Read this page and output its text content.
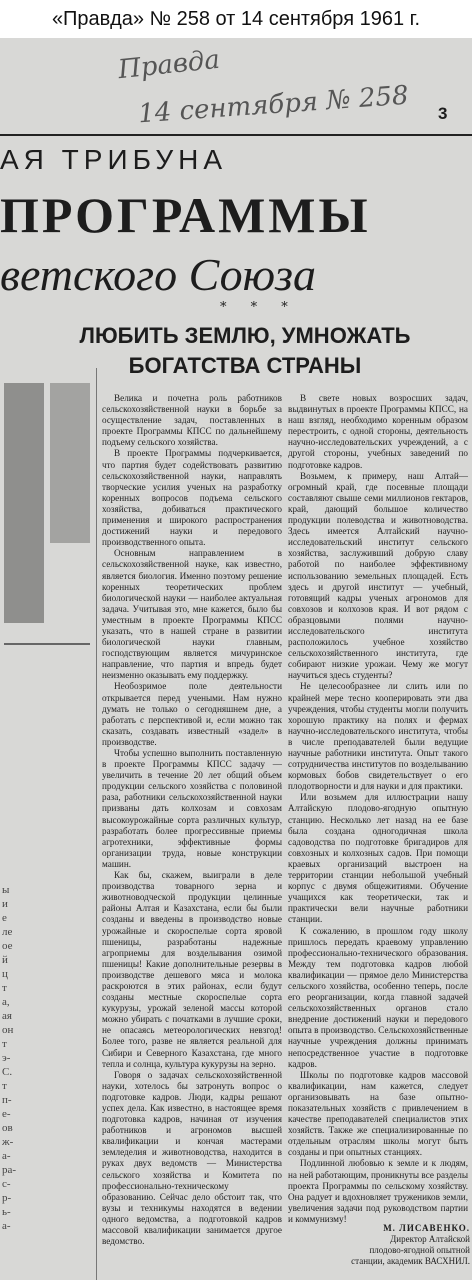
«Правда» № 258 от 14 сентября 1961 г.
Правда
14 сентября № 258 3
АЯ ТРИБУНА
ПРОГРАММЫ
ветского Союза
* * *
ЛЮБИТЬ ЗЕМЛЮ, УМНОЖАТЬ
БОГАТСТВА СТРАНЫ
ы
и
е
ле
ое
й
ц
т
а,
ая
он
т
э-
С.
т
п-
е-
ов
ж-
а-
ра-
с-
р-
ь-
а-

Велика и почетна роль работников сельскохозяйственной науки в борьбе за осуществление задач, поставленных в проекте Программы КПСС по дальнейшему подъему сельского хозяйства.

В проекте Программы подчеркивается, что партия будет содействовать развитию сельскохозяйственной науки, направлять творческие усилия ученых на разработку коренных вопросов подъема сельского хозяйства, добиваться практического применения и широкого распространения достижений науки и передового производственного опыта.

Основным направлением в сельскохозяйственной науке, как известно, является биология. Именно поэтому решение коренных теоретических проблем биологической науки — наиболее актуальная задача. Учитывая это, мне кажется, было бы уместным в проекте Программы КПСС указать, что в нашей стране в развитии биологической науки главным, господствующим является мичуринское направление, что партия и впредь будет неизменно оказывать ему поддержку.

Необозримое поле деятельности открывается перед учеными. Нам нужно думать не только о сегодняшнем дне, а работать с перспективой и, если можно так сказать, создавать известный «задел» в производстве.

Чтобы успешно выполнить поставленную в проекте Программы КПСС задачу — увеличить в течение 20 лет общий объем продукции сельского хозяйства с половиной раза, работники сельскохозяйственной науки призваны дать колхозам и совхозам высокоурожайные сорта различных культур, разработать более прогрессивные приемы агротехники, эффективные формы организации труда, новые конструкции машин.

Как бы, скажем, выиграли в деле производства товарного зерна и животноводческой продукции целинные районы Алтая и Казахстана, если бы были созданы и введены в производство новые урожайные и скороспелые сорта яровой пшеницы, разработаны надежные агроприемы для возделывания озимой пшеницы! Какие дополнительные резервы в производстве дешевого мяса и молока раскроются в этих районах, если будут созданы местные скороспелые сорта кукурузы, урожай зеленой массы которой можно убирать с початками в лучшие сроки, не опасаясь метеорологических невзгод! Более того, разве не является реальной для Сибири и Северного Казахстана, где много тепла и солнца, культура кукурузы на зерно.

Говоря о задачах сельскохозяйственной науки, хотелось бы затронуть вопрос о подготовке кадров. Люди, кадры решают успех дела. Как известно, в настоящее время подготовка кадров, начиная от изучения работников и агрономов высшей квалификации и кончая мастерами земледелия и животноводства, находится в руках двух ведомств — Министерства сельского хозяйства и Комитета по профессионально-техническому образованию. Сейчас дело обстоит так, что вузы и техникумы находятся в ведении одного ведомства, а подготовкой кадров массовой квалификации занимается другое ведомство.

В свете новых возросших задач, выдвинутых в проекте Программы КПСС, на наш взгляд, необходимо коренным образом перестроить, с одной стороны, деятельность научно-исследовательских учреждений, а с другой стороны, учебных заведений по подготовке кадров.

Возьмем, к примеру, наш Алтай—огромный край, где посевные площади составляют свыше семи миллионов гектаров, край, дающий большое количество продукции полеводства и животноводства. Здесь имеется Алтайский научно-исследовательский институт сельского хозяйства, заслуживший добрую славу работой по наиболее эффективному использованию земельных площадей. Есть здесь и другой институт — учебный, готовящий кадры ученых агрономов для совхозов и колхозов края. И вот рядом с образцовыми полями научно-исследовательского института расположилось учебное хозяйство сельскохозяйственного института, где собирают низкие урожаи. Чему же могут научиться здесь студенты?

Не целесообразнее ли слить или по крайней мере тесно кооперировать эти два учреждения, чтобы студенты могли получить хорошую практику на полях и фермах научно-исследовательского института, чтобы в числе преподавателей были ведущие научные работники института. Опыт такого сотрудничества институтов по возделыванию кормовых бобов свидетельствует о его плодотворности и для науки и для практики.

Или возьмем для иллюстрации нашу Алтайскую плодово-ягодную опытную станцию. Несколько лет назад на ее базе была создана одногодичная школа садоводства по подготовке бригадиров для совхозных и колхозных садов. При помощи краевых организаций выстроен на территории станции небольшой учебный корпус с двумя общежитиями. Обучение учащихся как теоретически, так и практически вели научные работники станции.

К сожалению, в прошлом году школу пришлось передать краевому управлению профессионально-технического образования. Между тем подготовка кадров любой квалификации — прямое дело Министерства сельского хозяйства, особенно теперь, после его реорганизации, когда главной задачей сельскохозяйственных органов стало внедрение достижений науки и передового опыта в производство. Сельскохозяйственные научные учреждения должны принимать непосредственное участие в подготовке кадров.

Школы по подготовке кадров массовой квалификации, нам кажется, следует организовывать на базе опытно-показательных хозяйств с привлечением в качестве преподавателей специалистов этих хозяйств. Также же специализированные по отдельным отраслям школы могут быть созданы и при опытных станциях.

Подлинной любовью к земле и к людям, на ней работающим, проникнуты все разделы проекта Программы по сельскому хозяйству. Она радует и вдохновляет тружеников земли, увеличения задачи под руководством партии и коммунизму!

М. ЛИСАВЕНКО.
Директор Алтайской
плодово-ягодной опытной
станции, академик ВАСХНИЛ.
